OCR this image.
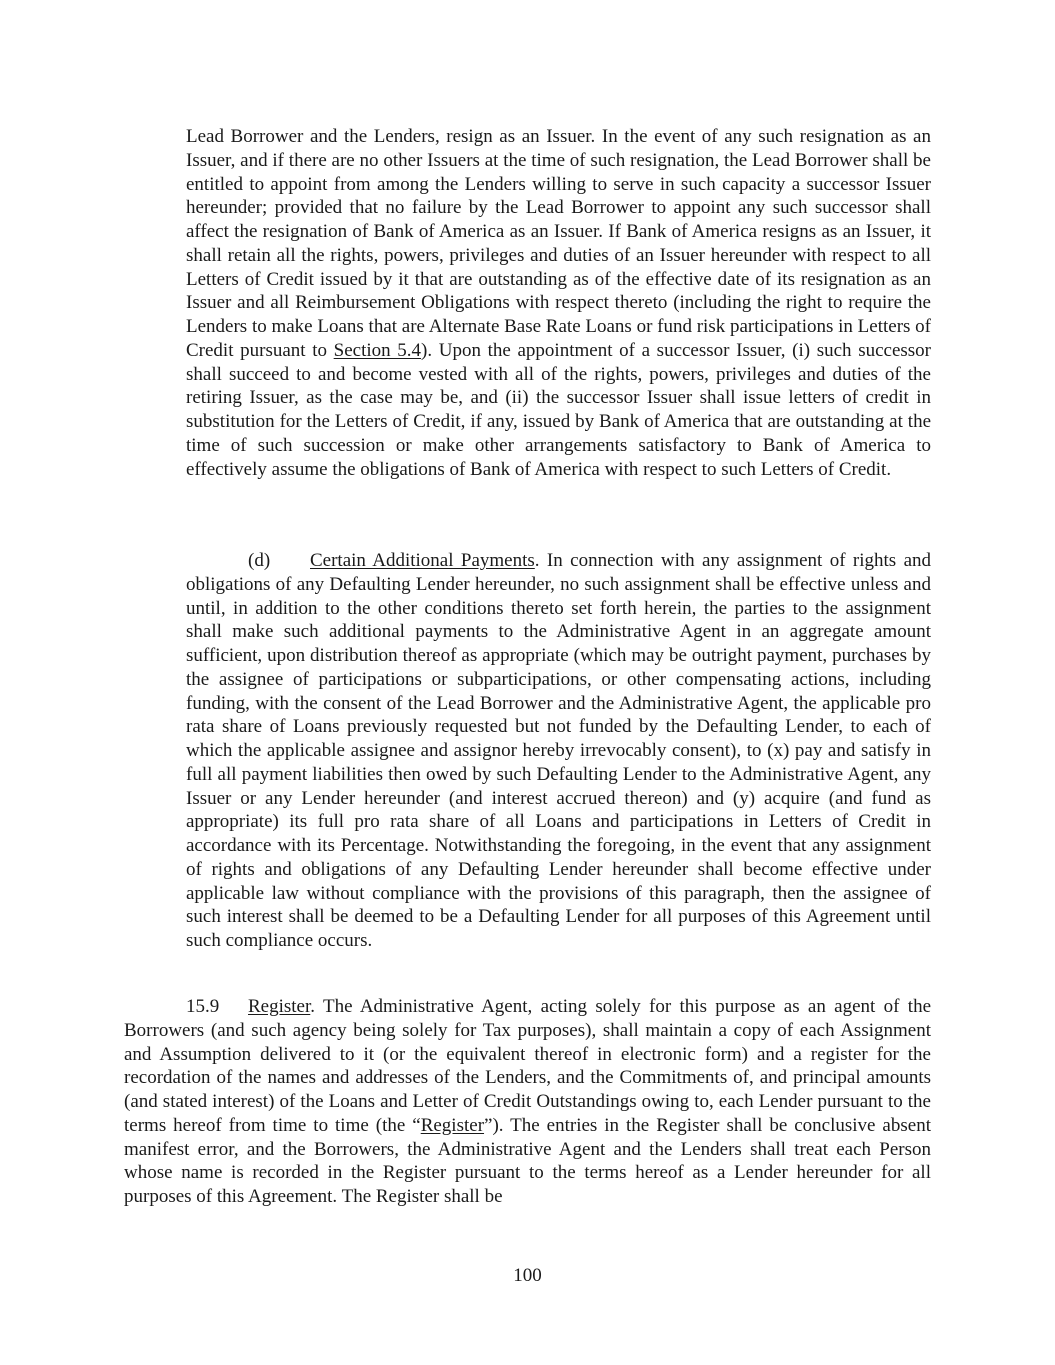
Lead Borrower and the Lenders, resign as an Issuer. In the event of any such resignation as an Issuer, and if there are no other Issuers at the time of such resignation, the Lead Borrower shall be entitled to appoint from among the Lenders willing to serve in such capacity a successor Issuer hereunder; provided that no failure by the Lead Borrower to appoint any such successor shall affect the resignation of Bank of America as an Issuer. If Bank of America resigns as an Issuer, it shall retain all the rights, powers, privileges and duties of an Issuer hereunder with respect to all Letters of Credit issued by it that are outstanding as of the effective date of its resignation as an Issuer and all Reimbursement Obligations with respect thereto (including the right to require the Lenders to make Loans that are Alternate Base Rate Loans or fund risk participations in Letters of Credit pursuant to Section 5.4). Upon the appointment of a successor Issuer, (i) such successor shall succeed to and become vested with all of the rights, powers, privileges and duties of the retiring Issuer, as the case may be, and (ii) the successor Issuer shall issue letters of credit in substitution for the Letters of Credit, if any, issued by Bank of America that are outstanding at the time of such succession or make other arrangements satisfactory to Bank of America to effectively assume the obligations of Bank of America with respect to such Letters of Credit.

(d) Certain Additional Payments. In connection with any assignment of rights and obligations of any Defaulting Lender hereunder, no such assignment shall be effective unless and until, in addition to the other conditions thereto set forth herein, the parties to the assignment shall make such additional payments to the Administrative Agent in an aggregate amount sufficient, upon distribution thereof as appropriate (which may be outright payment, purchases by the assignee of participations or subparticipations, or other compensating actions, including funding, with the consent of the Lead Borrower and the Administrative Agent, the applicable pro rata share of Loans previously requested but not funded by the Defaulting Lender, to each of which the applicable assignee and assignor hereby irrevocably consent), to (x) pay and satisfy in full all payment liabilities then owed by such Defaulting Lender to the Administrative Agent, any Issuer or any Lender hereunder (and interest accrued thereon) and (y) acquire (and fund as appropriate) its full pro rata share of all Loans and participations in Letters of Credit in accordance with its Percentage. Notwithstanding the foregoing, in the event that any assignment of rights and obligations of any Defaulting Lender hereunder shall become effective under applicable law without compliance with the provisions of this paragraph, then the assignee of such interest shall be deemed to be a Defaulting Lender for all purposes of this Agreement until such compliance occurs.

15.9 Register. The Administrative Agent, acting solely for this purpose as an agent of the Borrowers (and such agency being solely for Tax purposes), shall maintain a copy of each Assignment and Assumption delivered to it (or the equivalent thereof in electronic form) and a register for the recordation of the names and addresses of the Lenders, and the Commitments of, and principal amounts (and stated interest) of the Loans and Letter of Credit Outstandings owing to, each Lender pursuant to the terms hereof from time to time (the “Register”). The entries in the Register shall be conclusive absent manifest error, and the Borrowers, the Administrative Agent and the Lenders shall treat each Person whose name is recorded in the Register pursuant to the terms hereof as a Lender hereunder for all purposes of this Agreement. The Register shall be

100
